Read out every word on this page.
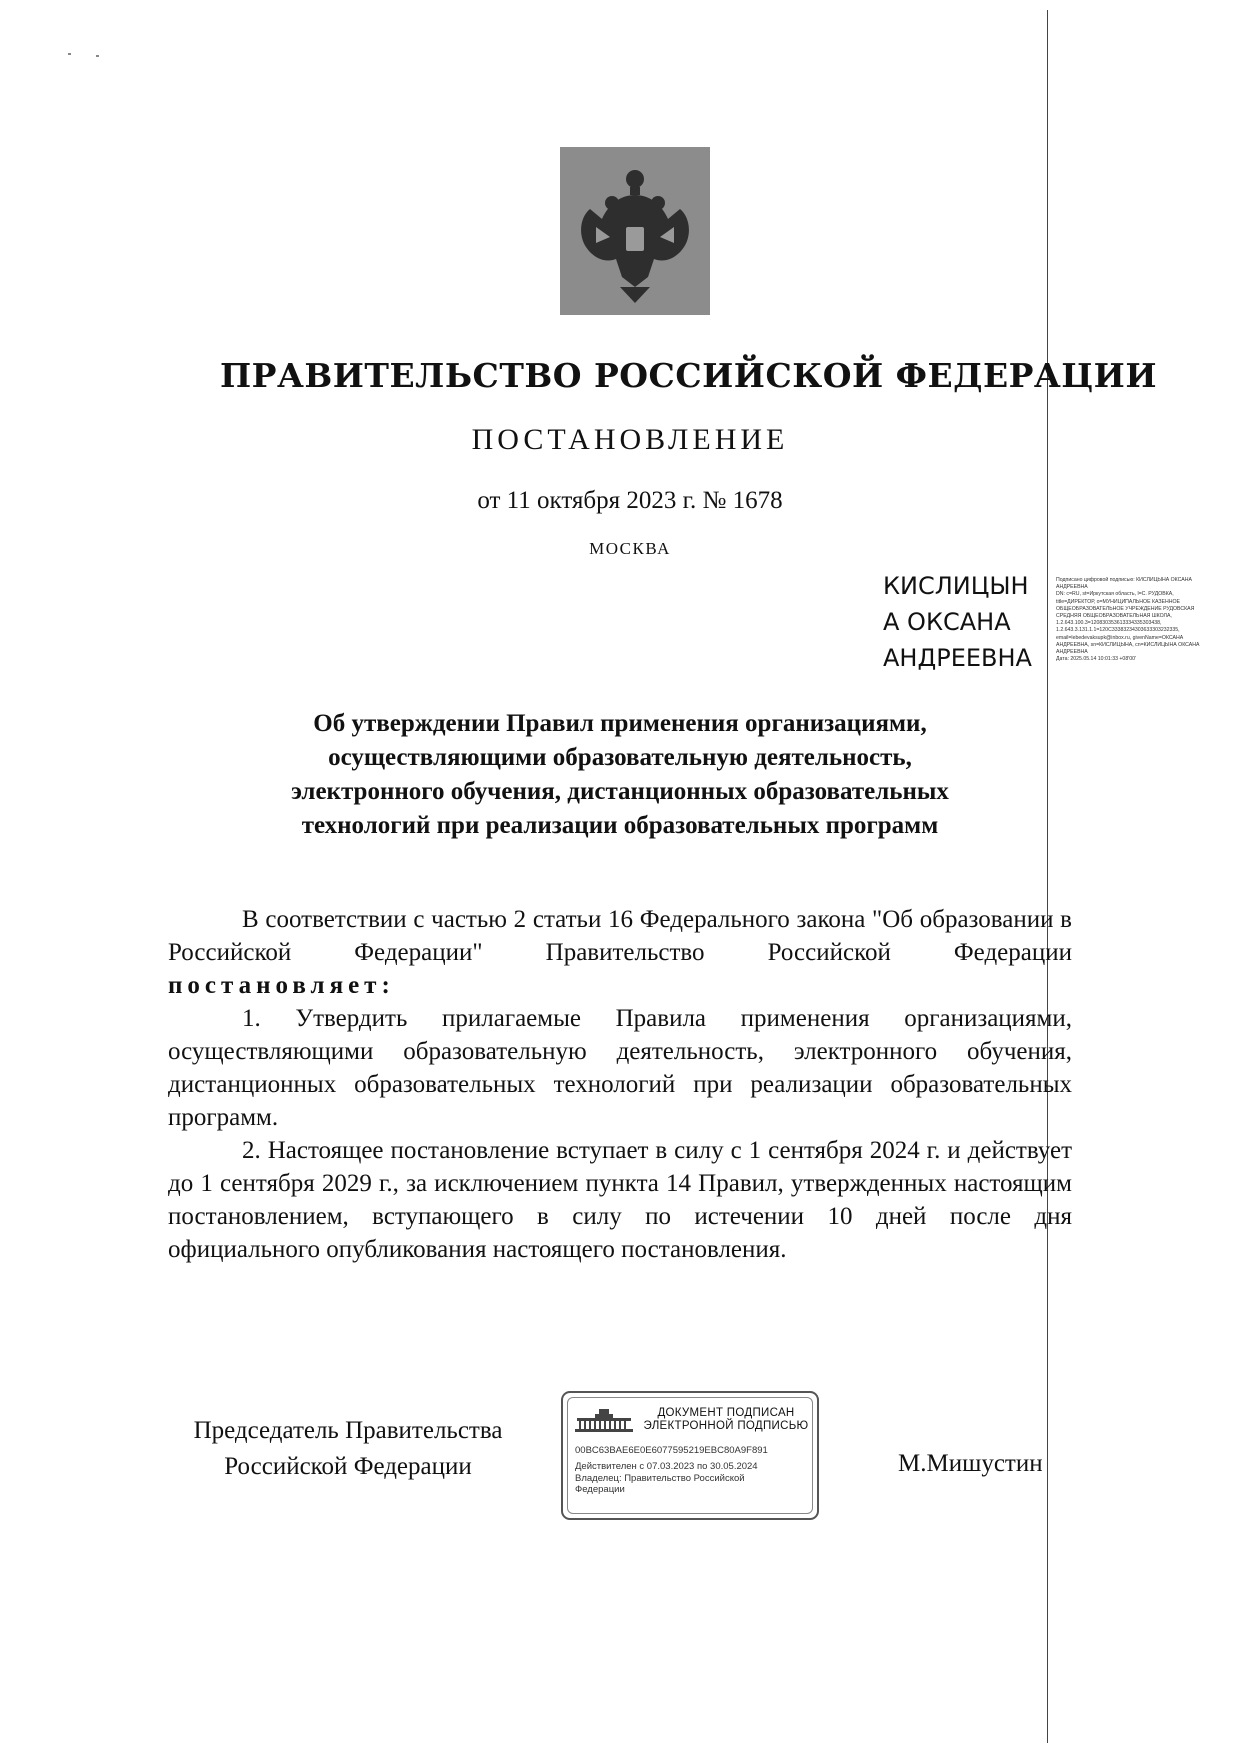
ПРАВИТЕЛЬСТВО РОССИЙСКОЙ ФЕДЕРАЦИИ
ПОСТАНОВЛЕНИЕ
от 11 октября 2023 г. № 1678
МОСКВА
КИСЛИЦЫН
А ОКСАНА
АНДРЕЕВНА
Подписано цифровой подписью: КИСЛИЦЫНА ОКСАНА
АНДРЕЕВНА
DN: c=RU, st=Иркутская область, l=С. РУДОВКА,
title=ДИРЕКТОР, o=МУНИЦИПАЛЬНОЕ КАЗЕННОЕ
ОБЩЕОБРАЗОВАТЕЛЬНОЕ УЧРЕЖДЕНИЕ РУДОВСКАЯ
СРЕДНЯЯ ОБЩЕОБРАЗОВАТЕЛЬНАЯ ШКОЛА,
1.2.643.100.3=120830353613334335303438,
1.2.643.3.131.1.1=120C33383234303633303232335,
email=lebedevaksupk@inbox.ru, givenName=ОКСАНА
АНДРЕЕВНА, sn=КИСЛИЦЫНА, cn=КИСЛИЦЫНА ОКСАНА
АНДРЕЕВНА
Дата: 2025.05.14 10:01:33 +08'00'
Об утверждении Правил применения организациями,
осуществляющими образовательную деятельность,
электронного обучения, дистанционных образовательных
технологий при реализации образовательных программ

В соответствии с частью 2 статьи 16 Федерального закона "Об образовании в Российской Федерации" Правительство Российской Федерации постановляет:

1. Утвердить прилагаемые Правила применения организациями, осуществляющими образовательную деятельность, электронного обучения, дистанционных образовательных технологий при реализации образовательных программ.

2. Настоящее постановление вступает в силу с 1 сентября 2024 г. и действует до 1 сентября 2029 г., за исключением пункта 14 Правил, утвержденных настоящим постановлением, вступающего в силу по истечении 10 дней после дня официального опубликования настоящего постановления.

Председатель Правительства
Российской Федерации
ДОКУМЕНТ ПОДПИСАН
ЭЛЕКТРОННОЙ ПОДПИСЬЮ
00BC63BAE6E0E6077595219EBC80A9F891
Действителен с 07.03.2023 по 30.05.2024
Владелец: Правительство Российской
Федерации
М.Мишустин
